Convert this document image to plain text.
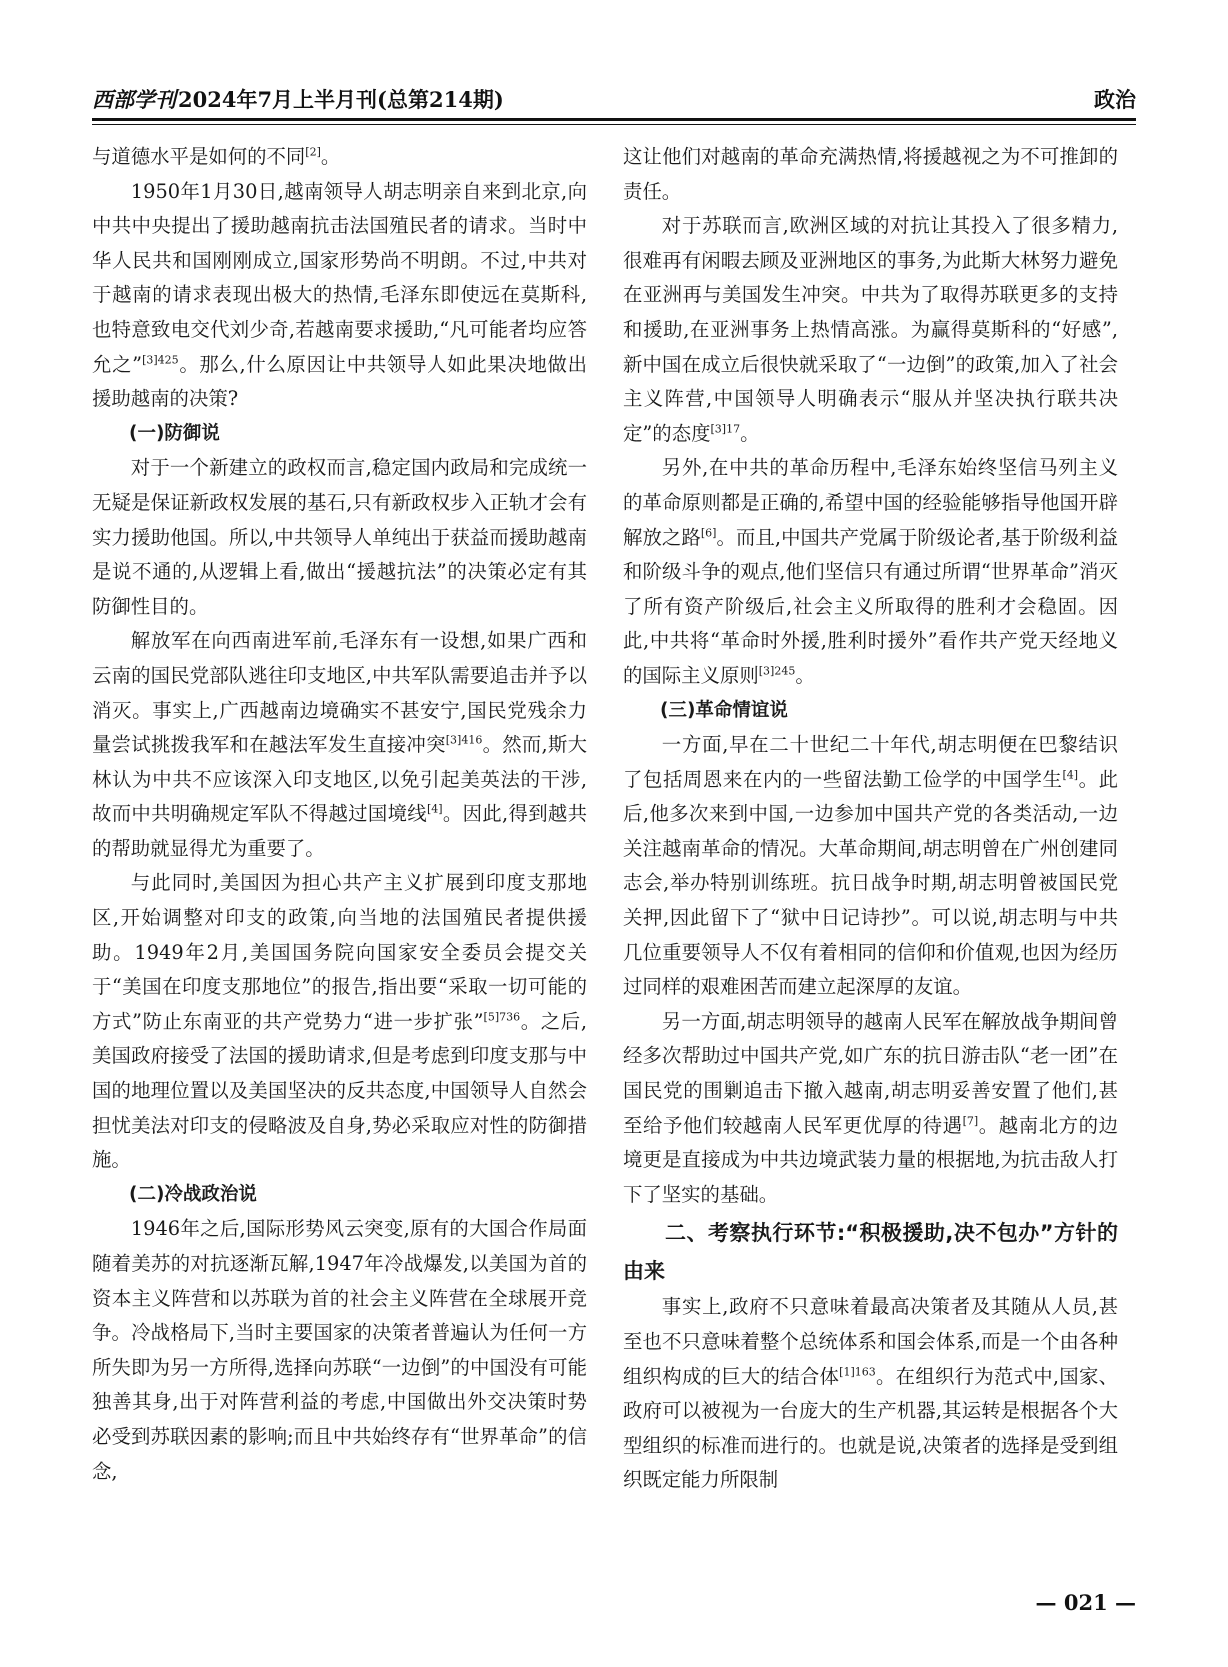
西部学刊2024年7月上半月刊(总第214期)	政治

与道德水平是如何的不同[2]。

1950年1月30日,越南领导人胡志明亲自来到北京,向中共中央提出了援助越南抗击法国殖民者的请求。当时中华人民共和国刚刚成立,国家形势尚不明朗。不过,中共对于越南的请求表现出极大的热情,毛泽东即使远在莫斯科,也特意致电交代刘少奇,若越南要求援助,“凡可能者均应答允之”$^{[3]425}$。那么,什么原因让中共领导人如此果决地做出援助越南的决策?

(一)防御说

对于一个新建立的政权而言,稳定国内政局和完成统一无疑是保证新政权发展的基石,只有新政权步入正轨才会有实力援助他国。所以,中共领导人单纯出于获益而援助越南是说不通的,从逻辑上看,做出“援越抗法”的决策必定有其防御性目的。

解放军在向西南进军前,毛泽东有一设想,如果广西和云南的国民党部队逃往印支地区,中共军队需要追击并予以消灭。事实上,广西越南边境确实不甚安宁,国民党残余力量尝试挑拨我军和在越法军发生直接冲突$^{[3]416}$。然而,斯大林认为中共不应该深入印支地区,以免引起美英法的干涉,故而中共明确规定军队不得越过国境线[4]。因此,得到越共的帮助就显得尤为重要了。

与此同时,美国因为担心共产主义扩展到印度支那地区,开始调整对印支的政策,向当地的法国殖民者提供援助。1949年2月,美国国务院向国家安全委员会提交关于“美国在印度支那地位”的报告,指出要“采取一切可能的方式”防止东南亚的共产党势力“进一步扩张”$^{[5]736}$。之后,美国政府接受了法国的援助请求,但是考虑到印度支那与中国的地理位置以及美国坚决的反共态度,中国领导人自然会担忧美法对印支的侵略波及自身,势必采取应对性的防御措施。

(二)冷战政治说

1946年之后,国际形势风云突变,原有的大国合作局面随着美苏的对抗逐渐瓦解,1947年冷战爆发,以美国为首的资本主义阵营和以苏联为首的社会主义阵营在全球展开竞争。冷战格局下,当时主要国家的决策者普遍认为任何一方所失即为另一方所得,选择向苏联“一边倒”的中国没有可能独善其身,出于对阵营利益的考虑,中国做出外交决策时势必受到苏联因素的影响;而且中共始终存有“世界革命”的信念,

这让他们对越南的革命充满热情,将援越视之为不可推卸的责任。

对于苏联而言,欧洲区域的对抗让其投入了很多精力,很难再有闲暇去顾及亚洲地区的事务,为此斯大林努力避免在亚洲再与美国发生冲突。中共为了取得苏联更多的支持和援助,在亚洲事务上热情高涨。为赢得莫斯科的“好感”,新中国在成立后很快就采取了“一边倒”的政策,加入了社会主义阵营,中国领导人明确表示“服从并坚决执行联共决定”的态度$^{[3]17}$。

另外,在中共的革命历程中,毛泽东始终坚信马列主义的革命原则都是正确的,希望中国的经验能够指导他国开辟解放之路[6]。而且,中国共产党属于阶级论者,基于阶级利益和阶级斗争的观点,他们坚信只有通过所谓“世界革命”消灭了所有资产阶级后,社会主义所取得的胜利才会稳固。因此,中共将“革命时外援,胜利时援外”看作共产党天经地义的国际主义原则$^{[3]245}$。

(三)革命情谊说

一方面,早在二十世纪二十年代,胡志明便在巴黎结识了包括周恩来在内的一些留法勤工俭学的中国学生[4]。此后,他多次来到中国,一边参加中国共产党的各类活动,一边关注越南革命的情况。大革命期间,胡志明曾在广州创建同志会,举办特别训练班。抗日战争时期,胡志明曾被国民党关押,因此留下了“狱中日记诗抄”。可以说,胡志明与中共几位重要领导人不仅有着相同的信仰和价值观,也因为经历过同样的艰难困苦而建立起深厚的友谊。

另一方面,胡志明领导的越南人民军在解放战争期间曾经多次帮助过中国共产党,如广东的抗日游击队“老一团”在国民党的围剿追击下撤入越南,胡志明妥善安置了他们,甚至给予他们较越南人民军更优厚的待遇[7]。越南北方的边境更是直接成为中共边境武装力量的根据地,为抗击敌人打下了坚实的基础。

二、考察执行环节:“积极援助,决不包办”方针的由来

事实上,政府不只意味着最高决策者及其随从人员,甚至也不只意味着整个总统体系和国会体系,而是一个由各种组织构成的巨大的结合体$^{[1]163}$。在组织行为范式中,国家、政府可以被视为一台庞大的生产机器,其运转是根据各个大型组织的标准而进行的。也就是说,决策者的选择是受到组织既定能力所限制

— 021 —
